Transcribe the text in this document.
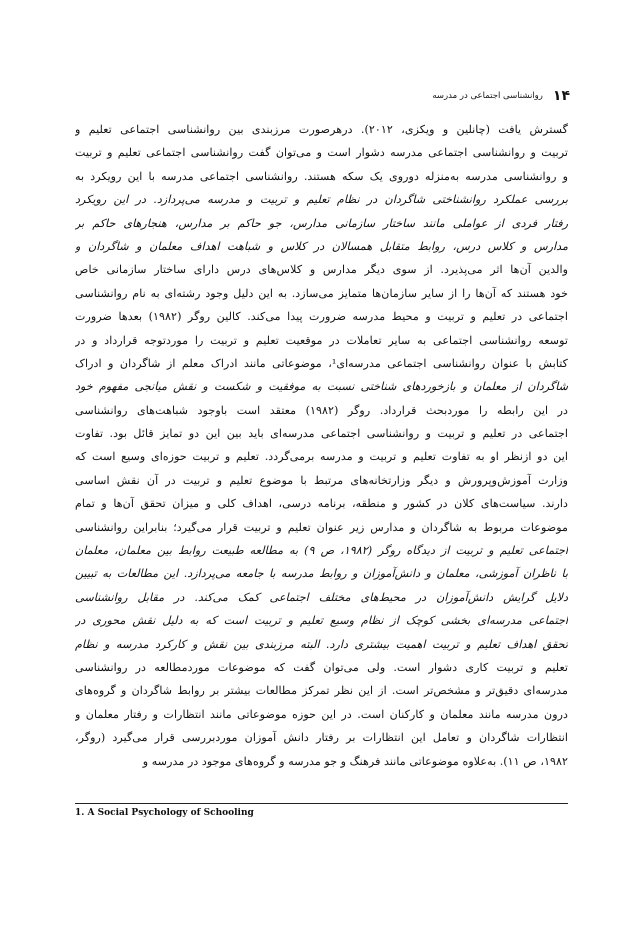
۱۴
روانشناسی اجتماعی در مدرسه
گسترش یافت (چانلین و ویکزی، ۲۰۱۲). درهرصورت مرزبندی بین روانشناسی اجتماعی تعلیم و
تربیت و روانشناسی اجتماعی مدرسه دشوار است و می‌توان گفت روانشناسی اجتماعی تعلیم و تربیت
و روانشناسی مدرسه به‌منزله دوروی یک سکه هستند. روانشناسی اجتماعی مدرسه با این رویکرد به
بررسی عملکرد روانشناختی شاگردان در نظام تعلیم و تربیت و مدرسه می‌پردازد. در این رویکرد
رفتار فردی از عواملی مانند ساختار سازمانی مدارس، جو حاکم بر مدارس، هنجارهای حاکم بر
مدارس و کلاس درس، روابط متقابل همسالان در کلاس و شباهت اهداف معلمان و شاگردان و
والدین آن‌ها اثر می‌پذیرد. از سوی دیگر مدارس و کلاس‌های درس دارای ساختار سازمانی خاص
خود هستند که آن‌ها را از سایر سازمان‌ها متمایز می‌سازد. به این دلیل وجود رشته‌ای به نام روانشناسی
اجتماعی در تعلیم و تربیت و محیط مدرسه ضرورت پیدا می‌کند. کالین روگر (۱۹۸۲) بعدها ضرورت
توسعه روانشناسی اجتماعی به سایر تعاملات در موقعیت تعلیم و تربیت را موردتوجه قرارداد و در
کتابش با عنوان روانشناسی اجتماعی مدرسه‌ای¹، موضوعاتی مانند ادراک معلم از شاگردان و ادراک
شاگردان از معلمان و بازخوردهای شناختی نسبت به موفقیت و شکست و نقش میانجی مفهوم خود
در این رابطه را موردبحث قرارداد. روگر (۱۹۸۲) معتقد است باوجود شباهت‌های روانشناسی
اجتماعی در تعلیم و تربیت و روانشناسی اجتماعی مدرسه‌ای باید بین این دو تمایز قائل بود. تفاوت
این دو ازنظر او به تفاوت تعلیم و تربیت و مدرسه برمی‌گردد. تعلیم و تربیت حوزه‌ای وسیع است که
وزارت آموزش‌وپرورش و دیگر وزارتخانه‌های مرتبط با موضوع تعلیم و تربیت در آن نقش اساسی
دارند. سیاست‌های کلان در کشور و منطقه، برنامه درسی، اهداف کلی و میزان تحقق آن‌ها و تمام
موضوعات مربوط به شاگردان و مدارس زیر عنوان تعلیم و تربیت قرار می‌گیرد؛ بنابراین روانشناسی
اجتماعی تعلیم و تربیت از دیدگاه روگر (۱۹۸۲، ص ۹) به مطالعه طبیعت روابط بین معلمان، معلمان
با ناظران آموزشی، معلمان و دانش‌آموزان و روابط مدرسه با جامعه می‌پردازد. این مطالعات به تبیین
دلایل گرایش دانش‌آموزان در محیط‌های مختلف اجتماعی کمک می‌کند. در مقابل روانشناسی
اجتماعی مدرسه‌ای بخشی کوچک از نظام وسیع تعلیم و تربیت است که به دلیل نقش محوری در
تحقق اهداف تعلیم و تربیت اهمیت بیشتری دارد. البته مرزبندی بین نقش و کارکرد مدرسه و نظام
تعلیم و تربیت کاری دشوار است. ولی می‌توان گفت که موضوعات موردمطالعه در روانشناسی
مدرسه‌ای دقیق‌تر و مشخص‌تر است. از این نظر تمرکز مطالعات بیشتر بر روابط شاگردان و گروه‌های
درون مدرسه مانند معلمان و کارکنان است. در این حوزه موضوعاتی مانند انتظارات و رفتار معلمان و
انتظارات شاگردان و تعامل این انتظارات بر رفتار دانش آموزان موردبررسی قرار می‌گیرد (روگر،
۱۹۸۲، ص ۱۱). به‌علاوه موضوعاتی مانند فرهنگ و جو مدرسه و گروه‌های موجود در مدرسه و
1. A Social Psychology of Schooling
